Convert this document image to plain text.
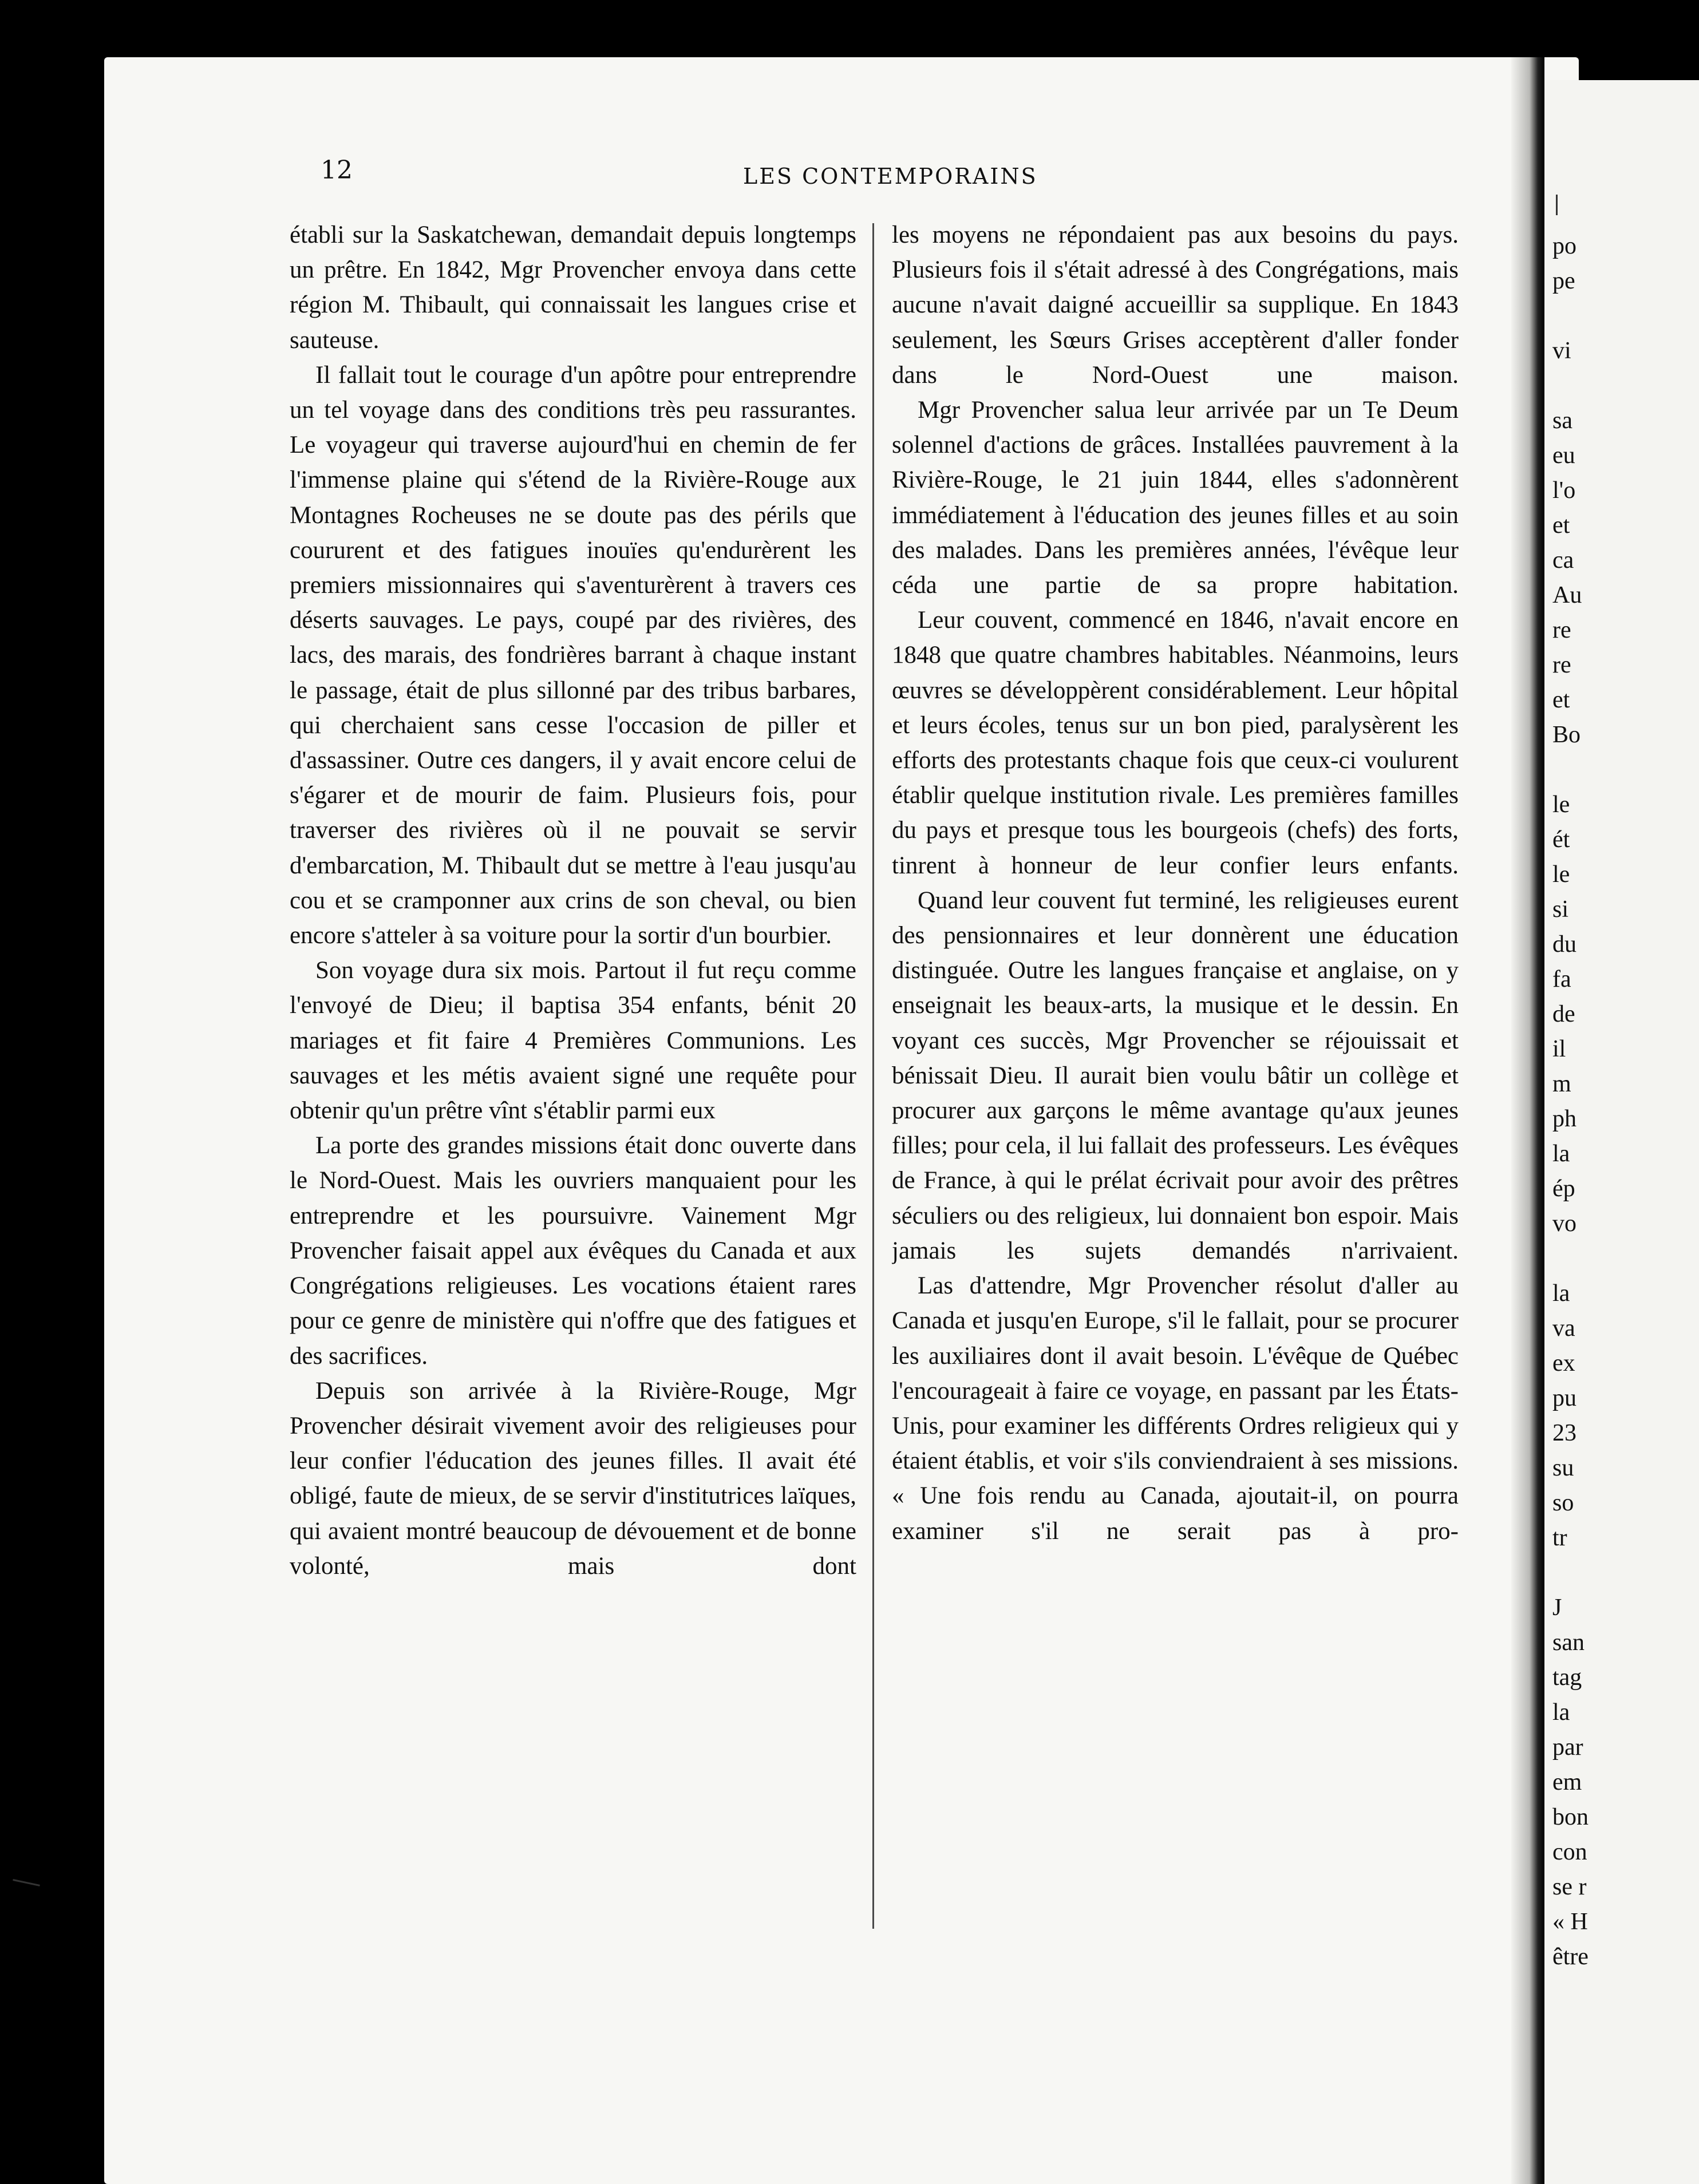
12	LES CONTEMPORAINS

établi sur la Saskatchewan, demandait depuis longtemps un prêtre. En 1842, Mgr Provencher envoya dans cette région M. Thibault, qui connaissait les langues crise et sauteuse.

Il fallait tout le courage d'un apôtre pour entreprendre un tel voyage dans des conditions très peu rassurantes. Le voyageur qui traverse aujourd'hui en chemin de fer l'immense plaine qui s'étend de la Rivière-Rouge aux Montagnes Rocheuses ne se doute pas des périls que coururent et des fatigues inouïes qu'endurèrent les premiers missionnaires qui s'aventurèrent à travers ces déserts sauvages. Le pays, coupé par des rivières, des lacs, des marais, des fondrières barrant à chaque instant le passage, était de plus sillonné par des tribus barbares, qui cherchaient sans cesse l'occasion de piller et d'assassiner. Outre ces dangers, il y avait encore celui de s'égarer et de mourir de faim. Plusieurs fois, pour traverser des rivières où il ne pouvait se servir d'embarcation, M. Thibault dut se mettre à l'eau jusqu'au cou et se cramponner aux crins de son cheval, ou bien encore s'atteler à sa voiture pour la sortir d'un bourbier.

Son voyage dura six mois. Partout il fut reçu comme l'envoyé de Dieu; il baptisa 354 enfants, bénit 20 mariages et fit faire 4 Premières Communions. Les sauvages et les métis avaient signé une requête pour obtenir qu'un prêtre vînt s'établir parmi eux

La porte des grandes missions était donc ouverte dans le Nord-Ouest. Mais les ouvriers manquaient pour les entreprendre et les poursuivre. Vainement Mgr Provencher faisait appel aux évêques du Canada et aux Congrégations religieuses. Les vocations étaient rares pour ce genre de ministère qui n'offre que des fatigues et des sacrifices.

Depuis son arrivée à la Rivière-Rouge, Mgr Provencher désirait vivement avoir des religieuses pour leur confier l'éducation des jeunes filles. Il avait été obligé, faute de mieux, de se servir d'institutrices laïques, qui avaient montré beaucoup de dévouement et de bonne volonté, mais dont

les moyens ne répondaient pas aux besoins du pays. Plusieurs fois il s'était adressé à des Congrégations, mais aucune n'avait daigné accueillir sa supplique. En 1843 seulement, les Sœurs Grises acceptèrent d'aller fonder dans le Nord-Ouest une maison.

Mgr Provencher salua leur arrivée par un Te Deum solennel d'actions de grâces. Installées pauvrement à la Rivière-Rouge, le 21 juin 1844, elles s'adonnèrent immédiatement à l'éducation des jeunes filles et au soin des malades. Dans les premières années, l'évêque leur céda une partie de sa propre habitation.

Leur couvent, commencé en 1846, n'avait encore en 1848 que quatre chambres habitables. Néanmoins, leurs œuvres se développèrent considérablement. Leur hôpital et leurs écoles, tenus sur un bon pied, paralysèrent les efforts des protestants chaque fois que ceux-ci voulurent établir quelque institution rivale. Les premières familles du pays et presque tous les bourgeois (chefs) des forts, tinrent à honneur de leur confier leurs enfants.

Quand leur couvent fut terminé, les religieuses eurent des pensionnaires et leur donnèrent une éducation distinguée. Outre les langues française et anglaise, on y enseignait les beaux-arts, la musique et le dessin. En voyant ces succès, Mgr Provencher se réjouissait et bénissait Dieu. Il aurait bien voulu bâtir un collège et procurer aux garçons le même avantage qu'aux jeunes filles; pour cela, il lui fallait des professeurs. Les évêques de France, à qui le prélat écrivait pour avoir des prêtres séculiers ou des religieux, lui donnaient bon espoir. Mais jamais les sujets demandés n'arrivaient.

Las d'attendre, Mgr Provencher résolut d'aller au Canada et jusqu'en Europe, s'il le fallait, pour se procurer les auxiliaires dont il avait besoin. L'évêque de Québec l'encourageait à faire ce voyage, en passant par les États-Unis, pour examiner les différents Ordres religieux qui y étaient établis, et voir s'ils conviendraient à ses missions. « Une fois rendu au Canada, ajoutait-il, on pourra examiner s'il ne serait pas à pro-

po
pe

vi

sa
eu
l'o
et
ca
Au
re
re
et
Bo

le
ét
le
si
du
fa
de
il
m
ph
la
ép
vo

la
va
ex
pu
23
su
so
tr

J
san
tag
la
par
em
bon
con
se r
« H
être
